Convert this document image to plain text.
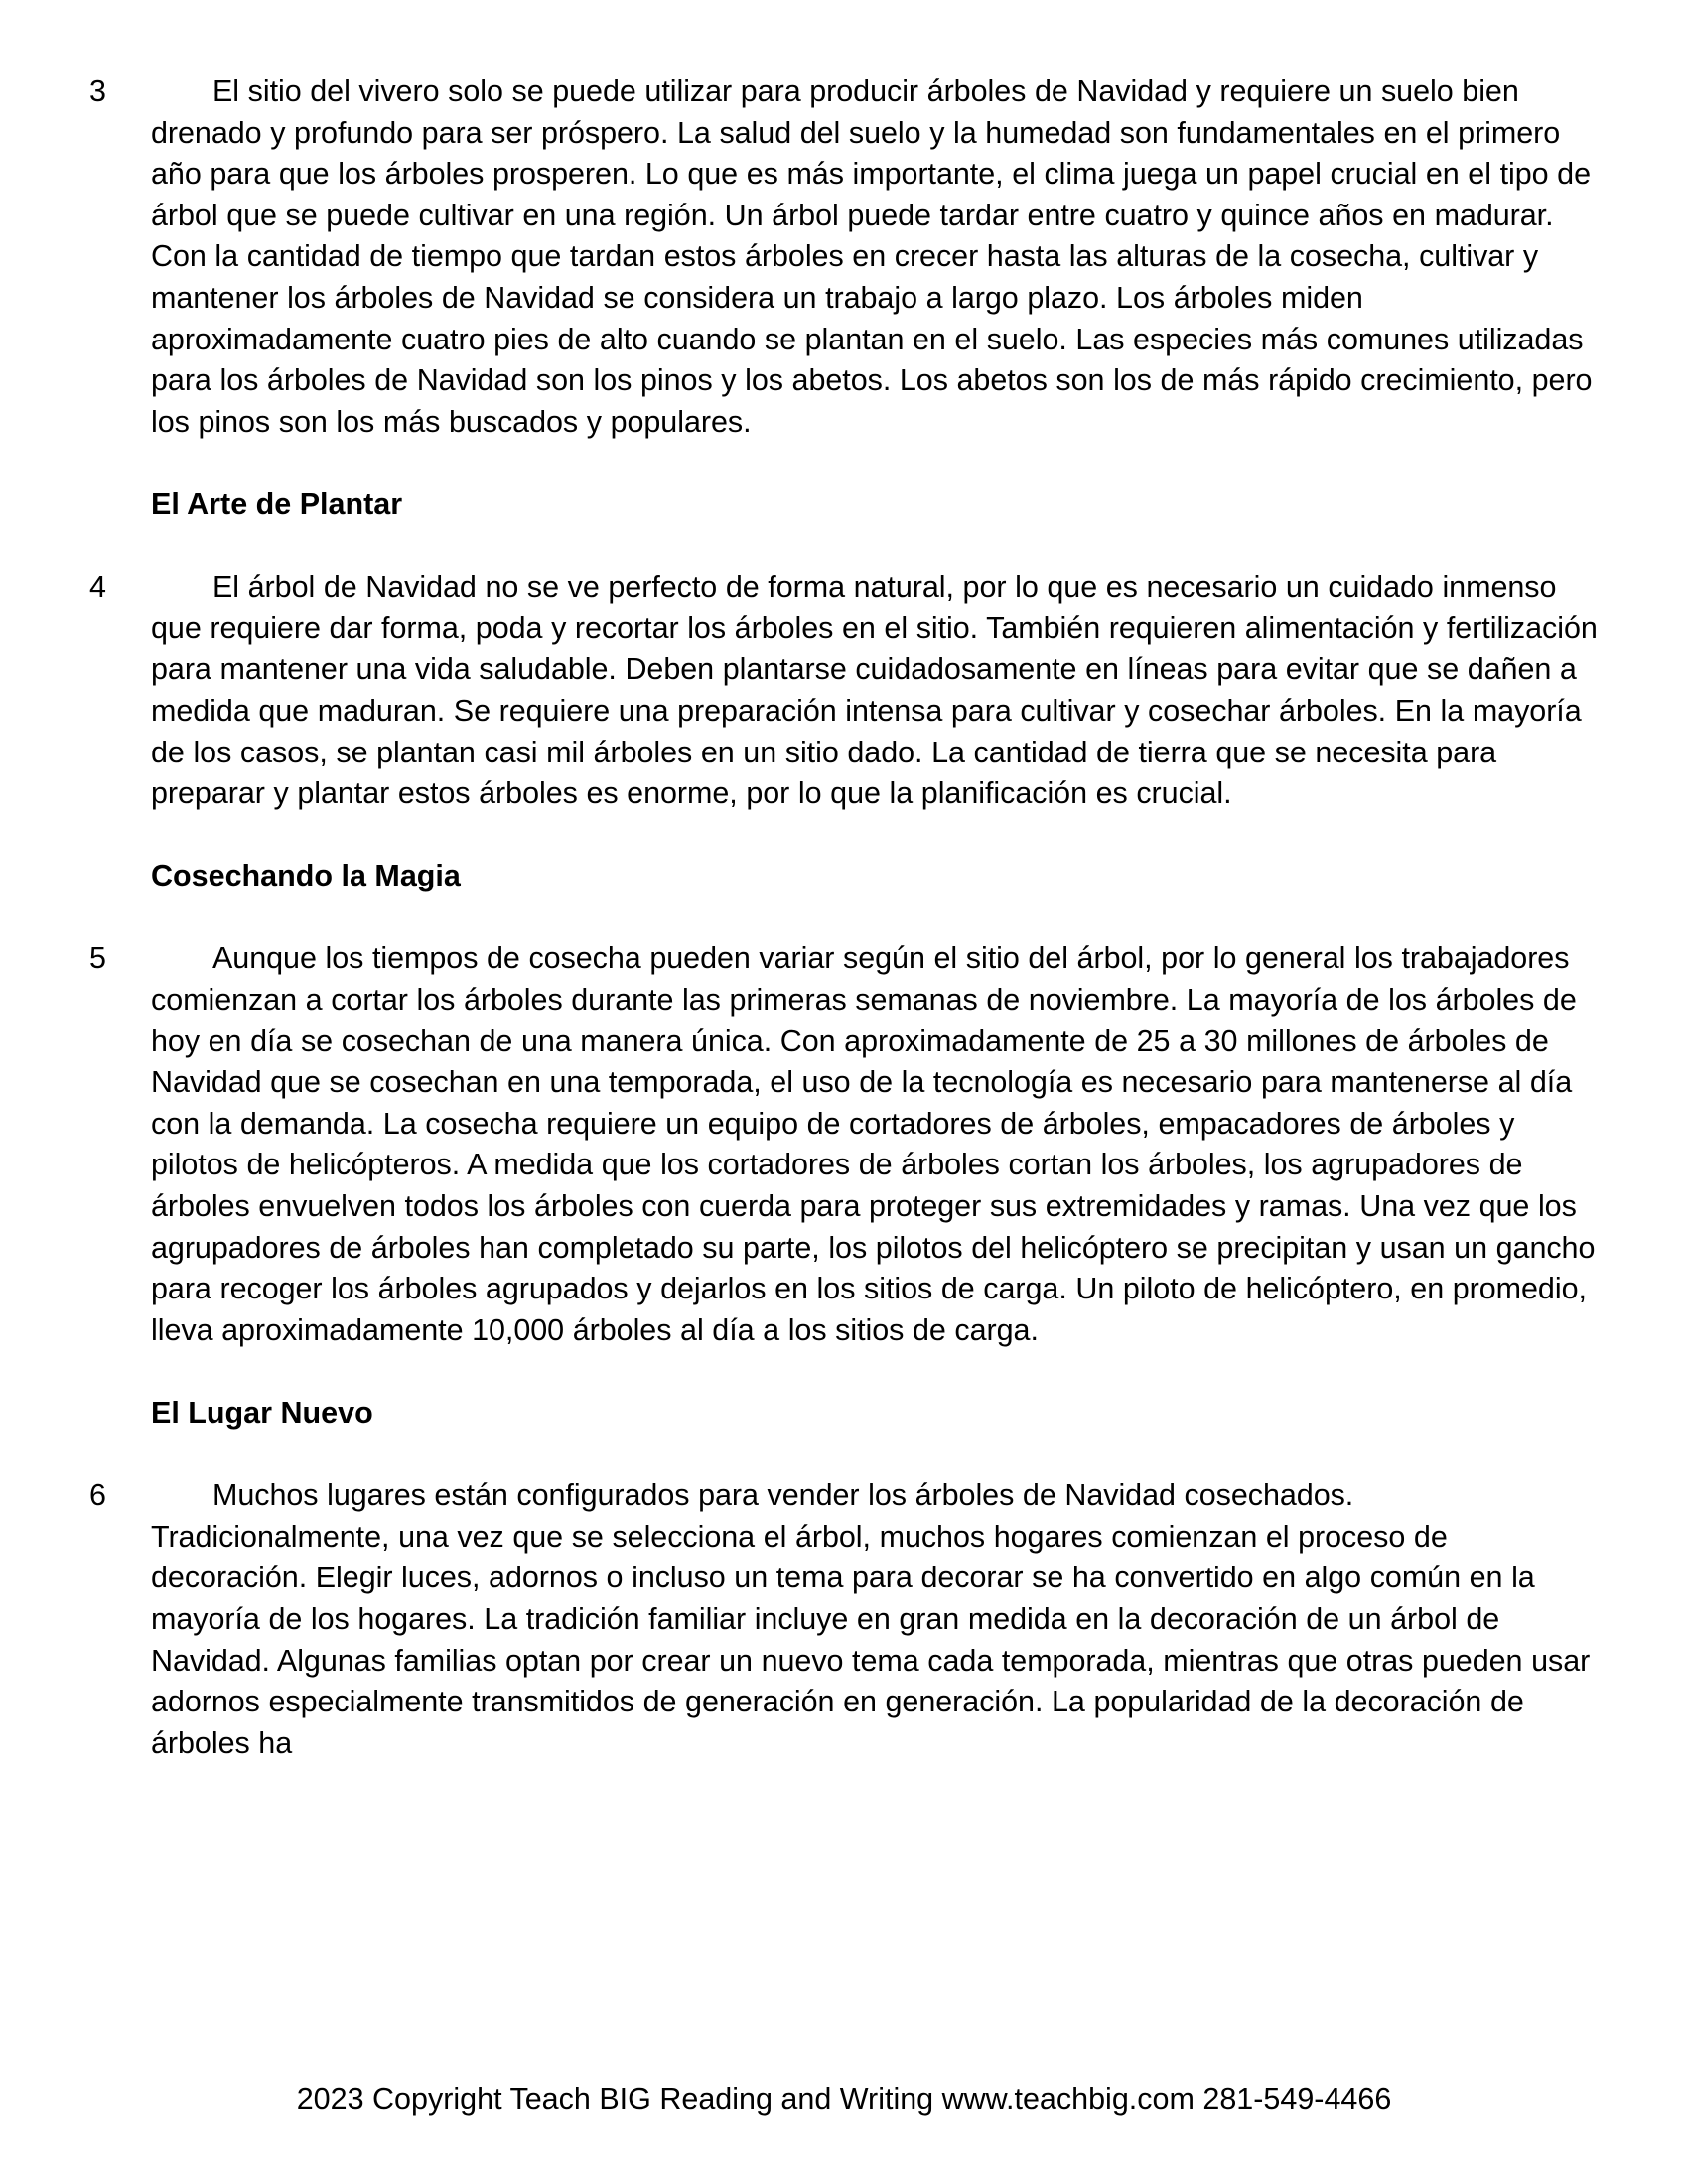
3	El sitio del vivero solo se puede utilizar para producir árboles de Navidad y requiere un suelo bien drenado y profundo para ser próspero. La salud del suelo y la humedad son fundamentales en el primero año para que los árboles prosperen. Lo que es más importante, el clima juega un papel crucial en el tipo de árbol que se puede cultivar en una región. Un árbol puede tardar entre cuatro y quince años en madurar. Con la cantidad de tiempo que tardan estos árboles en crecer hasta las alturas de la cosecha, cultivar y mantener los árboles de Navidad se considera un trabajo a largo plazo. Los árboles miden aproximadamente cuatro pies de alto cuando se plantan en el suelo. Las especies más comunes utilizadas para los árboles de Navidad son los pinos y los abetos. Los abetos son los de más rápido crecimiento, pero los pinos son los más buscados y populares.
El Arte de Plantar
4	El árbol de Navidad no se ve perfecto de forma natural, por lo que es necesario un cuidado inmenso que requiere dar forma, poda y recortar los árboles en el sitio. También requieren alimentación y fertilización para mantener una vida saludable. Deben plantarse cuidadosamente en líneas para evitar que se dañen a medida que maduran. Se requiere una preparación intensa para cultivar y cosechar árboles. En la mayoría de los casos, se plantan casi mil árboles en un sitio dado. La cantidad de tierra que se necesita para preparar y plantar estos árboles es enorme, por lo que la planificación es crucial.
Cosechando la Magia
5	Aunque los tiempos de cosecha pueden variar según el sitio del árbol, por lo general los trabajadores comienzan a cortar los árboles durante las primeras semanas de noviembre. La mayoría de los árboles de hoy en día se cosechan de una manera única. Con aproximadamente de 25 a 30 millones de árboles de Navidad que se cosechan en una temporada, el uso de la tecnología es necesario para mantenerse al día con la demanda. La cosecha requiere un equipo de cortadores de árboles, empacadores de árboles y pilotos de helicópteros. A medida que los cortadores de árboles cortan los árboles, los agrupadores de árboles envuelven todos los árboles con cuerda para proteger sus extremidades y ramas. Una vez que los agrupadores de árboles han completado su parte, los pilotos del helicóptero se precipitan y usan un gancho para recoger los árboles agrupados y dejarlos en los sitios de carga. Un piloto de helicóptero, en promedio, lleva aproximadamente 10,000 árboles al día a los sitios de carga.
El Lugar Nuevo
6	Muchos lugares están configurados para vender los árboles de Navidad cosechados. Tradicionalmente, una vez que se selecciona el árbol, muchos hogares comienzan el proceso de decoración. Elegir luces, adornos o incluso un tema para decorar se ha convertido en algo común en la mayoría de los hogares. La tradición familiar incluye en gran medida en la decoración de un árbol de Navidad. Algunas familias optan por crear un nuevo tema cada temporada, mientras que otras pueden usar adornos especialmente transmitidos de generación en generación. La popularidad de la decoración de árboles ha
2023 Copyright Teach BIG Reading and Writing www.teachbig.com 281-549-4466
